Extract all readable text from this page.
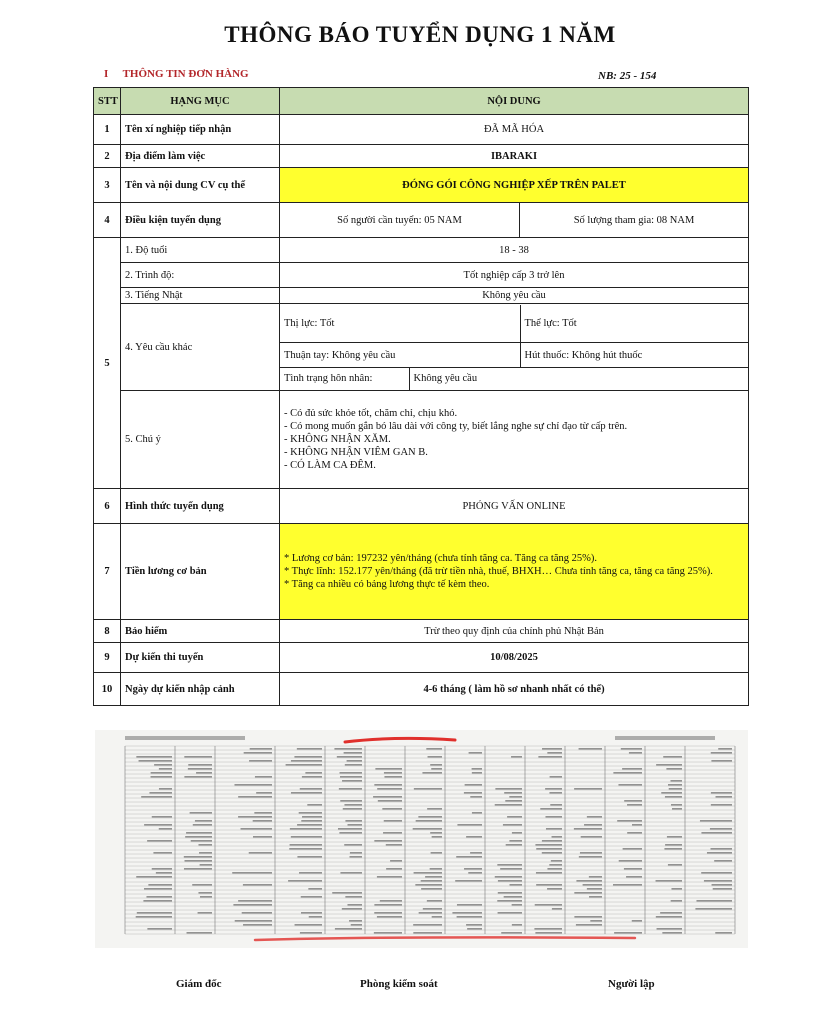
THÔNG BÁO TUYỂN DỤNG 1 NĂM
I THÔNG TIN ĐƠN HÀNG	NB: 25 - 154
STT	HẠNG MỤC	NỘI DUNG
1	Tên xí nghiệp tiếp nhận	ĐÃ MÃ HÓA
2	Địa điểm làm việc	IBARAKI
3	Tên và nội dung CV cụ thể	ĐÓNG GÓI CÔNG NGHIỆP XẾP TRÊN PALET
4	Điều kiện tuyển dụng	Số người cần tuyển: 05 NAM	Số lượng tham gia: 08 NAM
5	1. Độ tuổi	18 - 38
2. Trình độ:	Tốt nghiệp cấp 3 trở lên
3. Tiếng Nhật	Không yêu cầu
4. Yêu cầu khác	
Thị lực: Tốt	Thể lực: Tốt
Thuận tay: Không yêu cầu	Hút thuốc: Không hút thuốc
Tình trạng hôn nhân:	Không yêu cầu

5. Chú ý	
- Có đủ sức khỏe tốt, chăm chỉ, chịu khó.
- Có mong muốn gắn bó lâu dài với công ty, biết lắng nghe sự chỉ đạo từ cấp trên.
- KHÔNG NHẬN XĂM.
- KHÔNG NHẬN VIÊM GAN B.
- CÓ LÀM CA ĐÊM.

6	Hình thức tuyển dụng	PHỎNG VẤN ONLINE
7	Tiền lương cơ bản	
* Lương cơ bản: 197232 yên/tháng (chưa tính tăng ca. Tăng ca tăng 25%).
* Thực lĩnh: 152.177 yên/tháng (đã trừ tiền nhà, thuế, BHXH… Chưa tính tăng ca, tăng ca tăng 25%).
* Tăng ca nhiều có bảng lương thực tế kèm theo.

8	Bảo hiểm	Trừ theo quy định của chính phủ Nhật Bản
9	Dự kiến thi tuyển	10/08/2025
10	Ngày dự kiến nhập cảnh	4-6 tháng ( làm hồ sơ nhanh nhất có thể)
Giám đốc	Phòng kiểm soát	Người lập
